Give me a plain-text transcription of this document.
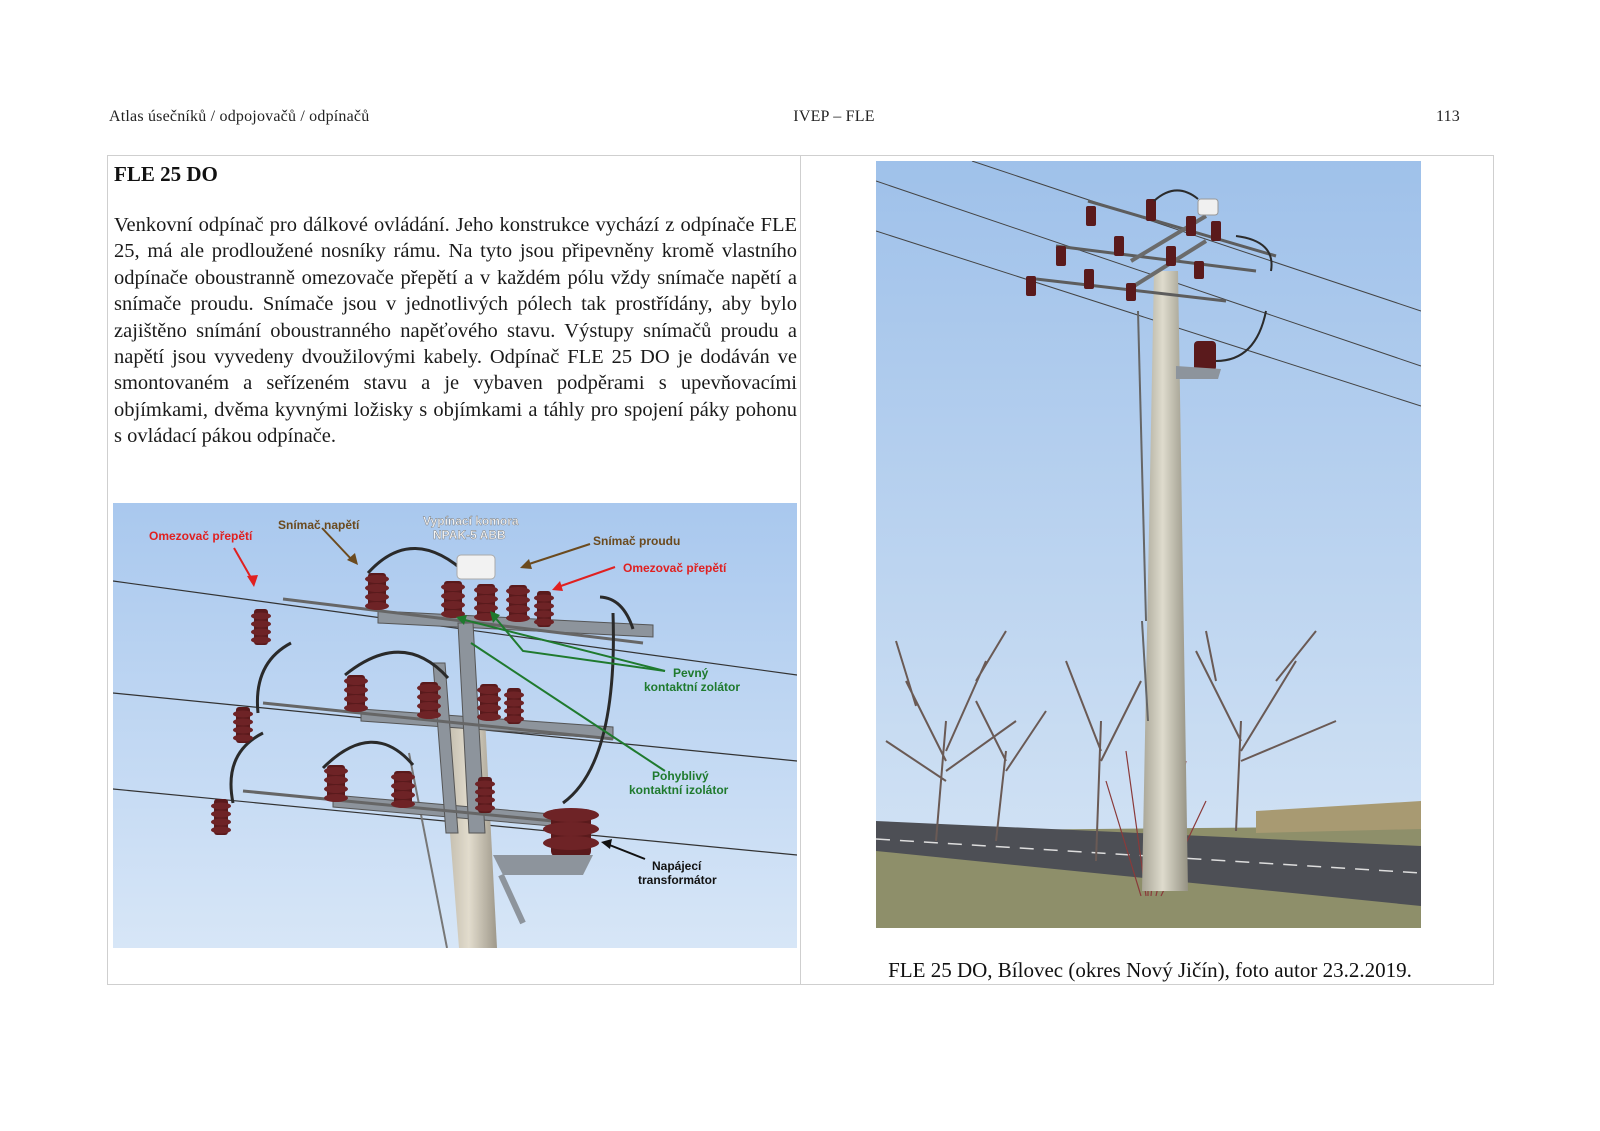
Atlas úsečníků / odpojovačů / odpínačů	IVEP – FLE	113
FLE 25 DO
Venkovní odpínač pro dálkové ovládání. Jeho konstrukce vychází z odpínače FLE 25, má ale prodloužené nosníky rámu. Na tyto jsou připevněny kromě vlastního odpínače oboustranně omezovače přepětí a v každém pólu vždy snímače napětí a snímače proudu. Snímače jsou v jednotlivých pólech tak prostřídány, aby bylo zajištěno snímání oboustranného napěťového stavu. Výstupy snímačů proudu a napětí jsou vyvedeny dvoužilovými kabely. Odpínač FLE 25 DO je dodáván ve smontovaném a seřízeném stavu a je vybaven podpěrami s upevňovacími objímkami, dvěma kyvnými ložisky s objímkami a táhly pro spojení páky pohonu s ovládací pákou odpínače.
Omezovač přepětí
Snímač napětí	Vypínací komora
NPAK-5 ABB	Snímač proudu
Omezovač přepětí
Pevný
kontaktní zolátor
Pohyblivý
kontaktní izolátor
Napájecí
transformátor
FLE 25 DO, Bílovec (okres Nový Jičín), foto autor 23.2.2019.
